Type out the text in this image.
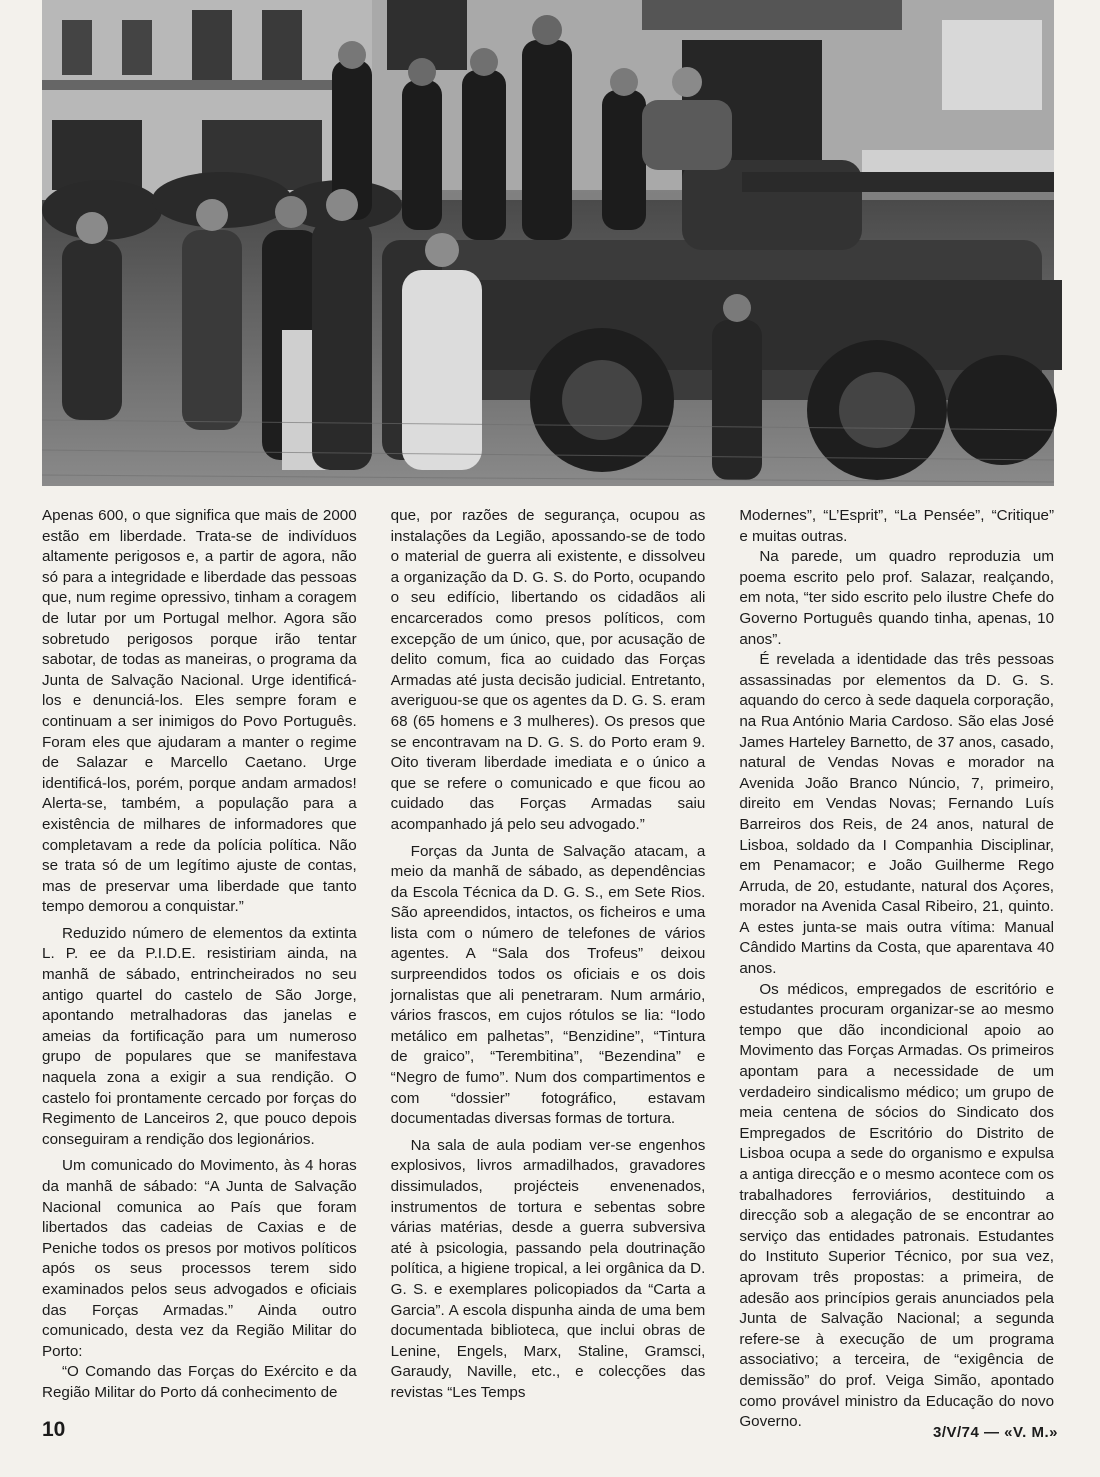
Apenas 600, o que significa que mais de 2000 estão em liberdade. Trata-se de indivíduos altamente perigosos e, a partir de agora, não só para a integridade e liberdade das pessoas que, num regime opressivo, tinham a coragem de lutar por um Portugal melhor. Agora são sobretudo perigosos porque irão tentar sabotar, de todas as maneiras, o programa da Junta de Salvação Nacional. Urge identificá-los e denunciá-los. Eles sempre foram e continuam a ser inimigos do Povo Português. Foram eles que ajudaram a manter o regime de Salazar e Marcello Caetano. Urge identificá-los, porém, porque andam armados! Alerta-se, também, a população para a existência de milhares de informadores que completavam a rede da polícia política. Não se trata só de um legítimo ajuste de contas, mas de preservar uma liberdade que tanto tempo demorou a conquistar.”

Reduzido número de elementos da extinta L. P. ee da P.I.D.E. resistiriam ainda, na manhã de sábado, entrincheirados no seu antigo quartel do castelo de São Jorge, apontando metralhadoras das janelas e ameias da fortificação para um numeroso grupo de populares que se manifestava naquela zona a exigir a sua rendição. O castelo foi prontamente cercado por forças do Regimento de Lanceiros 2, que pouco depois conseguiram a rendição dos legionários.

Um comunicado do Movimento, às 4 horas da manhã de sábado: “A Junta de Salvação Nacional comunica ao País que foram libertados das cadeias de Caxias e de Peniche todos os presos por motivos políticos após os seus processos terem sido examinados pelos seus advogados e oficiais das Forças Armadas.” Ainda outro comunicado, desta vez da Região Militar do Porto:

“O Comando das Forças do Exército e da Região Militar do Porto dá conhecimento de

que, por razões de segurança, ocupou as instalações da Legião, apossando-se de todo o material de guerra ali existente, e dissolveu a organização da D. G. S. do Porto, ocupando o seu edifício, libertando os cidadãos ali encarcerados como presos políticos, com excepção de um único, que, por acusação de delito comum, fica ao cuidado das Forças Armadas até justa decisão judicial. Entretanto, averiguou-se que os agentes da D. G. S. eram 68 (65 homens e 3 mulheres). Os presos que se encontravam na D. G. S. do Porto eram 9. Oito tiveram liberdade imediata e o único a que se refere o comunicado e que ficou ao cuidado das Forças Armadas saiu acompanhado já pelo seu advogado.”

Forças da Junta de Salvação atacam, a meio da manhã de sábado, as dependências da Escola Técnica da D. G. S., em Sete Rios. São apreendidos, intactos, os ficheiros e uma lista com o número de telefones de vários agentes. A “Sala dos Trofeus” deixou surpreendidos todos os oficiais e os dois jornalistas que ali penetraram. Num armário, vários frascos, em cujos rótulos se lia: “Iodo metálico em palhetas”, “Benzidine”, “Tintura de graico”, “Terembitina”, “Bezendina” e “Negro de fumo”. Num dos compartimentos e com “dossier” fotográfico, estavam documentadas diversas formas de tortura.

Na sala de aula podiam ver-se engenhos explosivos, livros armadilhados, gravadores dissimulados, projécteis envenenados, instrumentos de tortura e sebentas sobre várias matérias, desde a guerra subversiva até à psicologia, passando pela doutrinação política, a higiene tropical, a lei orgânica da D. G. S. e exemplares policopiados da “Carta a Garcia”. A escola dispunha ainda de uma bem documentada biblioteca, que inclui obras de Lenine, Engels, Marx, Staline, Gramsci, Garaudy, Naville, etc., e colecções das revistas “Les Temps

Modernes”, “L’Esprit”, “La Pensée”, “Critique” e muitas outras.

Na parede, um quadro reproduzia um poema escrito pelo prof. Salazar, realçando, em nota, “ter sido escrito pelo ilustre Chefe do Governo Português quando tinha, apenas, 10 anos”.

É revelada a identidade das três pessoas assassinadas por elementos da D. G. S. aquando do cerco à sede daquela corporação, na Rua António Maria Cardoso. São elas José James Harteley Barnetto, de 37 anos, casado, natural de Vendas Novas e morador na Avenida João Branco Núncio, 7, primeiro, direito em Vendas Novas; Fernando Luís Barreiros dos Reis, de 24 anos, natural de Lisboa, soldado da I Companhia Disciplinar, em Penamacor; e João Guilherme Rego Arruda, de 20, estudante, natural dos Açores, morador na Avenida Casal Ribeiro, 21, quinto. A estes junta-se mais outra vítima: Manual Cândido Martins da Costa, que aparentava 40 anos.

Os médicos, empregados de escritório e estudantes procuram organizar-se ao mesmo tempo que dão incondicional apoio ao Movimento das Forças Armadas. Os primeiros apontam para a necessidade de um verdadeiro sindicalismo médico; um grupo de meia centena de sócios do Sindicato dos Empregados de Escritório do Distrito de Lisboa ocupa a sede do organismo e expulsa a antiga direcção e o mesmo acontece com os trabalhadores ferroviários, destituindo a direcção sob a alegação de se encontrar ao serviço das entidades patronais. Estudantes do Instituto Superior Técnico, por sua vez, aprovam três propostas: a primeira, de adesão aos princípios gerais anunciados pela Junta de Salvação Nacional; a segunda refere-se à execução de um programa associativo; a terceira, de “exigência de demissão” do prof. Veiga Simão, apontado como provável ministro da Educação do novo Governo.

10	3/V/74 — «V. M.»
